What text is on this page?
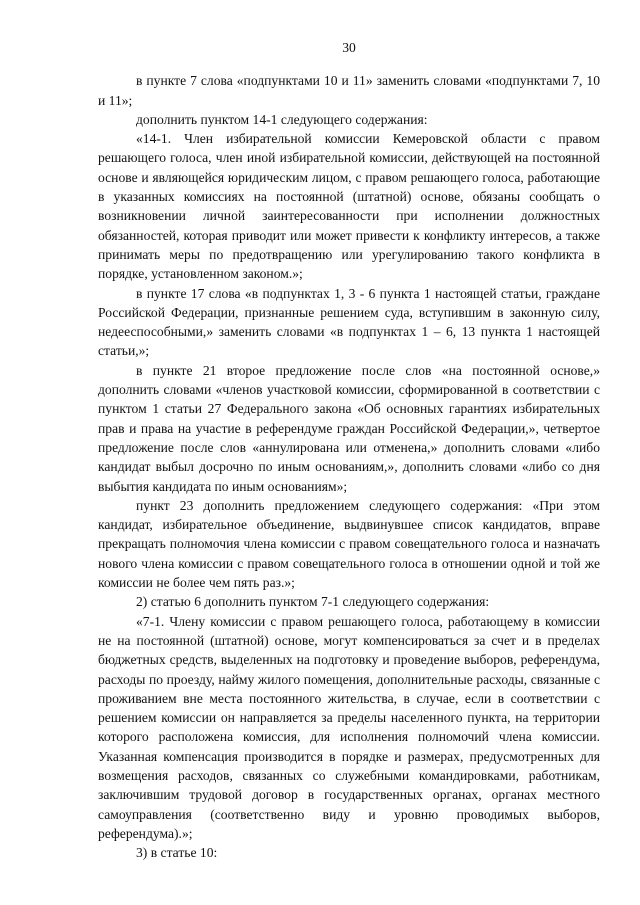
30

в пункте 7 слова «подпунктами 10 и 11» заменить словами «подпунктами 7, 10 и 11»;

дополнить пунктом 14-1 следующего содержания:

«14-1. Член избирательной комиссии Кемеровской области с правом решающего голоса, член иной избирательной комиссии, действующей на постоянной основе и являющейся юридическим лицом, с правом решающего голоса, работающие в указанных комиссиях на постоянной (штатной) основе, обязаны сообщать о возникновении личной заинтересованности при исполнении должностных обязанностей, которая приводит или может привести к конфликту интересов, а также принимать меры по предотвращению или урегулированию такого конфликта в порядке, установленном законом.»;

в пункте 17 слова «в подпунктах 1, 3 - 6 пункта 1 настоящей статьи, граждане Российской Федерации, признанные решением суда, вступившим в законную силу, недееспособными,» заменить словами «в подпунктах 1 – 6, 13 пункта 1 настоящей статьи,»;

в пункте 21 второе предложение после слов «на постоянной основе,» дополнить словами «членов участковой комиссии, сформированной в соответствии с пунктом 1 статьи 27 Федерального закона «Об основных гарантиях избирательных прав и права на участие в референдуме граждан Российской Федерации,», четвертое предложение после слов «аннулирована или отменена,» дополнить словами «либо кандидат выбыл досрочно по иным основаниям,», дополнить словами «либо со дня выбытия кандидата по иным основаниям»;

пункт 23 дополнить предложением следующего содержания: «При этом кандидат, избирательное объединение, выдвинувшее список кандидатов, вправе прекращать полномочия члена комиссии с правом совещательного голоса и назначать нового члена комиссии с правом совещательного голоса в отношении одной и той же комиссии не более чем пять раз.»;

2) статью 6 дополнить пунктом 7-1 следующего содержания:

«7-1. Члену комиссии с правом решающего голоса, работающему в комиссии не на постоянной (штатной) основе, могут компенсироваться за счет и в пределах бюджетных средств, выделенных на подготовку и проведение выборов, референдума, расходы по проезду, найму жилого помещения, дополнительные расходы, связанные с проживанием вне места постоянного жительства, в случае, если в соответствии с решением комиссии он направляется за пределы населенного пункта, на территории которого расположена комиссия, для исполнения полномочий члена комиссии. Указанная компенсация производится в порядке и размерах, предусмотренных для возмещения расходов, связанных со служебными командировками, работникам, заключившим трудовой договор в государственных органах, органах местного самоуправления (соответственно виду и уровню проводимых выборов, референдума).»;

3) в статье 10:
